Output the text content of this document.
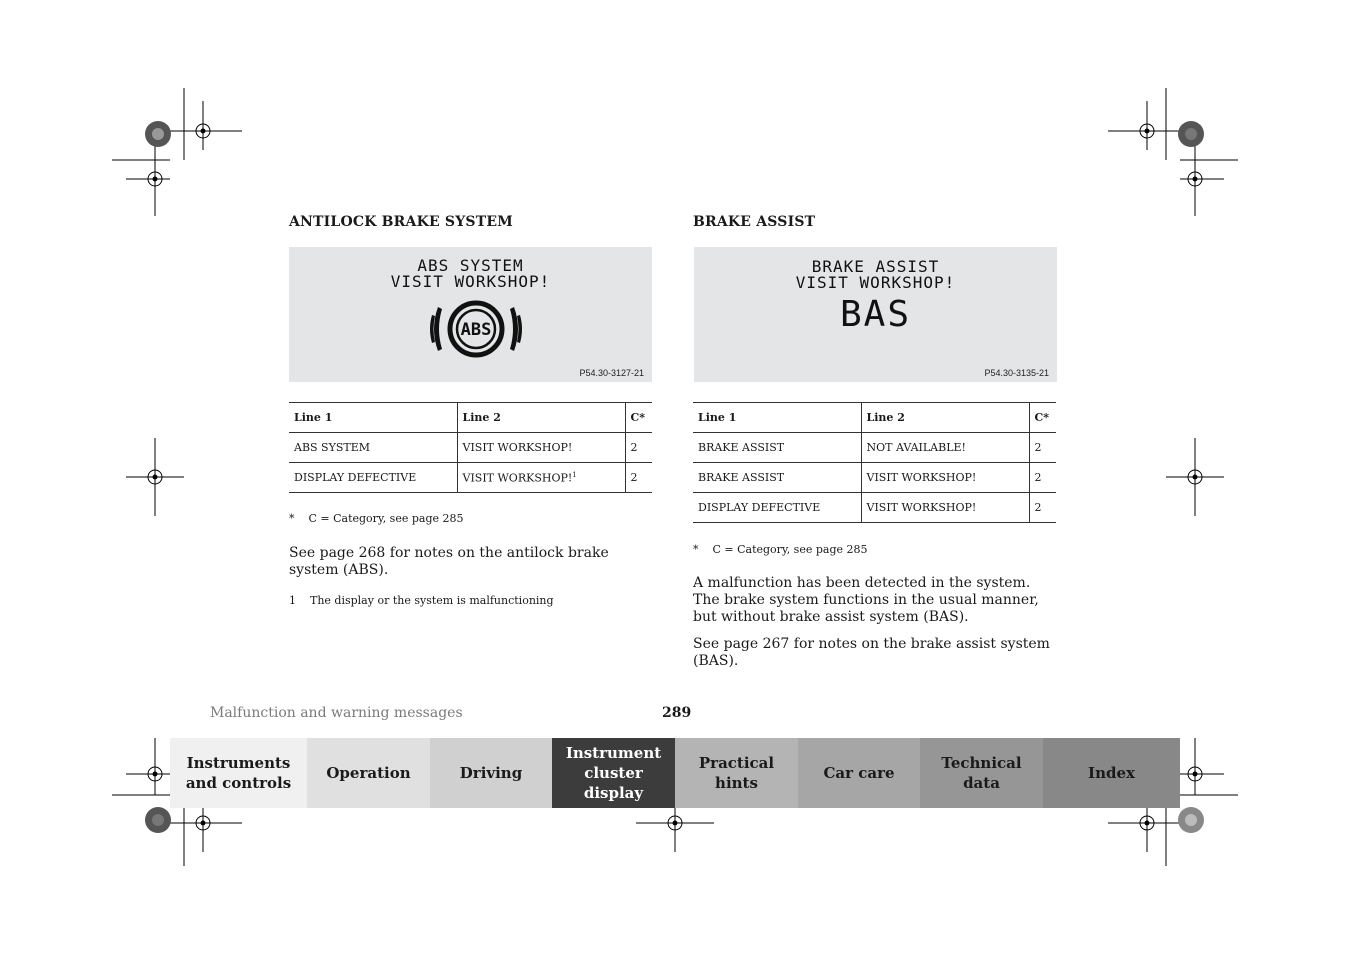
ANTILOCK BRAKE SYSTEM
ABS SYSTEM
VISIT WORKSHOP!
ABS
P54.30-3127-21
Line 1	Line 2	C*
ABS SYSTEM	VISIT WORKSHOP!	2
DISPLAY DEFECTIVE	VISIT WORKSHOP!$^1$	2
*    C = Category, see page 285
See page 268 for notes on the antilock brake system (ABS).
1    The display or the system is malfunctioning
BRAKE ASSIST
BRAKE ASSIST
VISIT WORKSHOP!
BAS
P54.30-3135-21
Line 1	Line 2	C*
BRAKE ASSIST	NOT AVAILABLE!	2
BRAKE ASSIST	VISIT WORKSHOP!	2
DISPLAY DEFECTIVE	VISIT WORKSHOP!	2
*    C = Category, see page 285
A malfunction has been detected in the system. The brake system functions in the usual manner, but without brake assist system (BAS).
See page 267 for notes on the brake assist system (BAS).
Malfunction and warning messages	289
Instruments
and controls
Operation	Driving
Instrument
cluster display
Practical hints
Car care
Technical
data
Index
